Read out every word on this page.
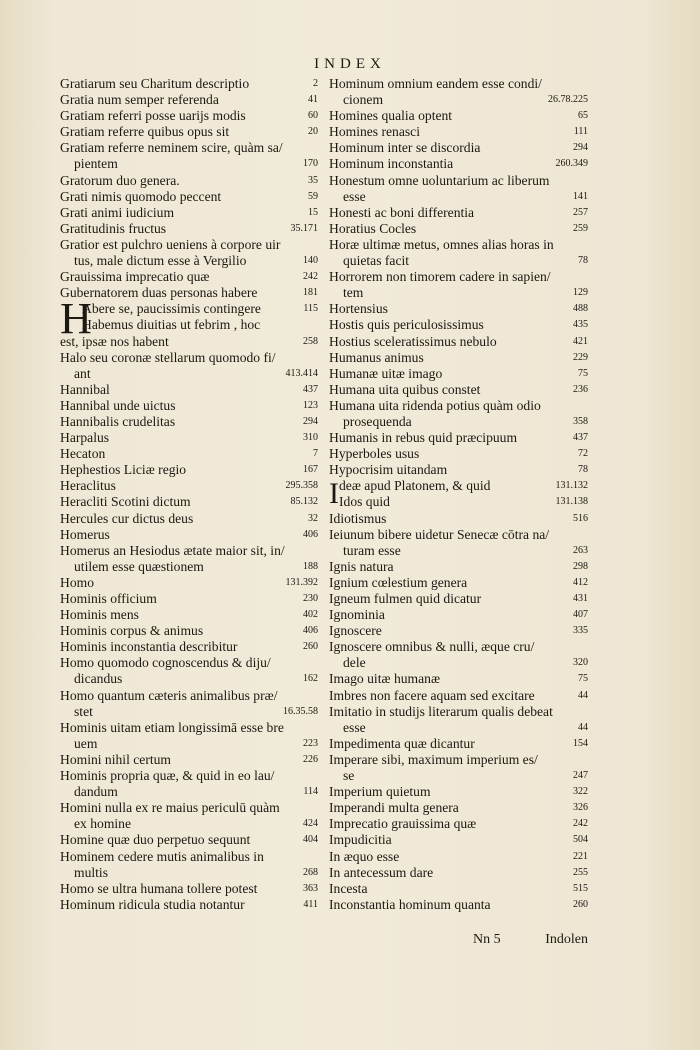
INDEX
Gratiarum seu Charitum descriptio	2
Gratia num semper referenda	41
Gratiam referri posse uarijs modis	60
Gratiam referre quibus opus sit	20
Gratiam referre neminem scire, quàm sa/
pientem	170
Gratorum duo genera.	35
Grati nimis quomodo peccent	59
Grati animi iudicium	15
Gratitudinis fructus	35.171
Gratior est pulchro ueniens à corpore uir
tus, male dictum esse à Vergilio	140
Grauissima imprecatio quæ	242
Gubernatorem duas personas habere	181
H
Abere se, paucissimis contingere	115
Habemus diuitias ut febrim , hoc
est, ipsæ nos habent	258
Halo seu coronæ stellarum quomodo fi/
ant	413.414
Hannibal	437
Hannibal unde uictus	123
Hannibalis crudelitas	294
Harpalus	310
Hecaton	7
Hephestios Liciæ regio	167
Heraclitus	295.358
Heracliti Scotini dictum	85.132
Hercules cur dictus deus	32
Homerus	406
Homerus an Hesiodus ætate maior sit, in/
utilem esse quæstionem	188
Homo	131.392
Hominis officium	230
Hominis mens	402
Hominis corpus & animus	406
Hominis inconstantia describitur	260
Homo quomodo cognoscendus & diju/
dicandus	162
Homo quantum cæteris animalibus præ/
stet	16.35.58
Hominis uitam etiam longissimā esse bre
uem	223
Homini nihil certum	226
Hominis propria quæ, & quid in eo lau/
dandum	114
Homini nulla ex re maius periculū quàm
ex homine	424
Homine quæ duo perpetuo sequunt	404
Hominem cedere mutis animalibus in
multis	268
Homo se ultra humana tollere potest	363
Hominum ridicula studia notantur	411
Hominum omnium eandem esse condi/
cionem	26.78.225
Homines qualia optent	65
Homines renasci	111
Hominum inter se discordia	294
Hominum inconstantia	260.349
Honestum omne uoluntarium ac liberum
esse	141
Honesti ac boni differentia	257
Horatius Cocles	259
Horæ ultimæ metus, omnes alias horas in
quietas facit	78
Horrorem non timorem cadere in sapien/
tem	129
Hortensius	488
Hostis quis periculosissimus	435
Hostius sceleratissimus nebulo	421
Humanus animus	229
Humanæ uitæ imago	75
Humana uita quibus constet	236
Humana uita ridenda potius quàm odio
prosequenda	358
Humanis in rebus quid præcipuum	437
Hyperboles usus	72
Hypocrisim uitandam	78
I deæ apud Platonem, & quid	131.132
Idos quid	131.138
Idiotismus	516
Ieiunum bibere uidetur Senecæ cōtra na/
turam esse	263
Ignis natura	298
Ignium cœlestium genera	412
Igneum fulmen quid dicatur	431
Ignominia	407
Ignoscere	335
Ignoscere omnibus & nulli, æque cru/
dele	320
Imago uitæ humanæ	75
Imbres non facere aquam sed excitare	44
Imitatio in studijs literarum qualis debeat
esse	44
Impedimenta quæ dicantur	154
Imperare sibi, maximum imperium es/
se	247
Imperium quietum	322
Imperandi multa genera	326
Imprecatio grauissima quæ	242
Impudicitia	504
In æquo esse	221
In antecessum dare	255
Incesta	515
Inconstantia hominum quanta	260
Nn 5	Indolen
